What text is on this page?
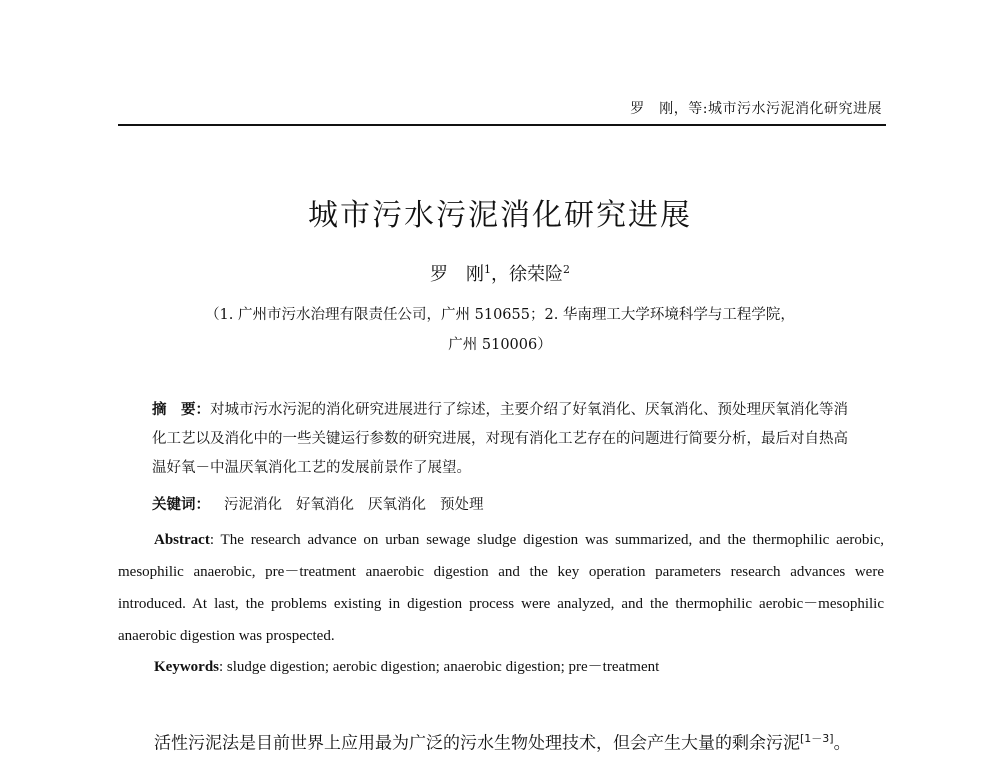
罗　刚，等:城市污水污泥消化研究进展
城市污水污泥消化研究进展
罗　刚$^1$，徐荣险$^2$
（1. 广州市污水治理有限责任公司，广州 510655；2. 华南理工大学环境科学与工程学院，
广州 510006）
摘　要：对城市污水污泥的消化研究进展进行了综述，主要介绍了好氧消化、厌氧消化、预处理厌氧消化等消化工艺以及消化中的一些关键运行参数的研究进展，对现有消化工艺存在的问题进行简要分析，最后对自热高温好氧－中温厌氧消化工艺的发展前景作了展望。
关键词： 污泥消化 好氧消化 厌氧消化 预处理
Abstract: The research advance on urban sewage sludge digestion was summarized, and the thermophilic aerobic, mesophilic anaerobic, pre－treatment anaerobic digestion and the key operation parameters research advances were introduced. At last, the problems existing in digestion process were analyzed, and the thermophilic aerobic－mesophilic anaerobic digestion was prospected.
Keywords: sludge digestion; aerobic digestion; anaerobic digestion; pre－treatment
活性污泥法是目前世界上应用最为广泛的污水生物处理技术，但会产生大量的剩余污泥[1－3]。
